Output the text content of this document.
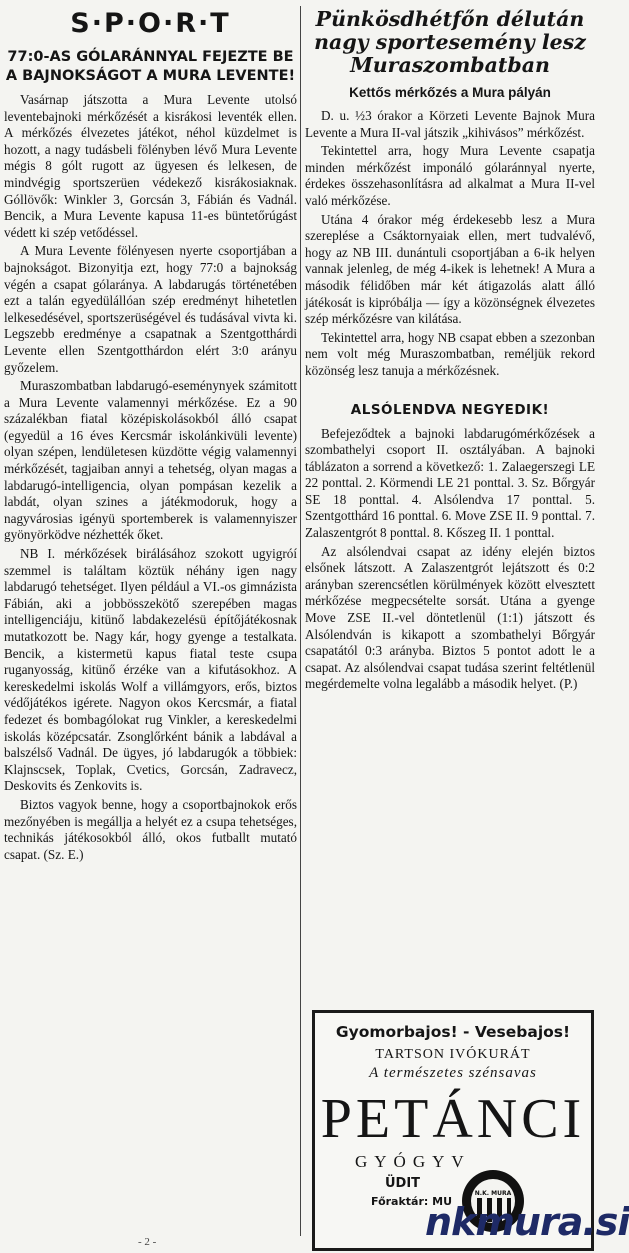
S·P·O·R·T
77:0-AS GÓLARÁNNYAL FEJEZTE BE A BAJNOKSÁGOT A MURA LEVENTE!

Vasárnap játszotta a Mura Levente utolsó leventebajnoki mérkőzését a kisrákosi leventék ellen. A mérkőzés élvezetes játékot, néhol küzdelmet is hozott, a nagy tudásbeli fölényben lévő Mura Levente mégis 8 gólt rugott az ügyesen és lelkesen, de mindvégig sportszerüen védekező kisrákosiaknak. Góllövők: Winkler 3, Gorcsán 3, Fábián és Vadnál. Bencik, a Mura Levente kapusa 11-es büntetőrúgást védett ki szép vetődéssel.

A Mura Levente fölényesen nyerte csoportjában a bajnokságot. Bizonyitja ezt, hogy 77:0 a bajnokság végén a csapat gólaránya. A labdarugás történetében ezt a talán egyedülállóan szép eredményt hihetetlen lelkesedésével, sportszerüségével és tudásával vivta ki. Legszebb eredménye a csapatnak a Szentgotthárdi Levente ellen Szentgotthárdon elért 3:0 arányu győzelem.

Muraszombatban labdarugó-eseménynyek számitott a Mura Levente valamennyi mérkőzése. Ez a 90 százalékban fiatal középiskolásokból álló csapat (egyedül a 16 éves Kercsmár iskolánkivüli levente) olyan szépen, lendületesen küzdötte végig valamennyi mérkőzését, tagjaiban annyi a tehetség, olyan magas a labdarugó-intelligencia, olyan pompásan kezelik a labdát, olyan szines a játékmodoruk, hogy a nagyvárosias igényü sportemberek is valamennyiszer gyönyörködve nézhették őket.

NB I. mérkőzések birálásához szokott ugyigróí szemmel is találtam köztük néhány igen nagy labdarugó tehetséget. Ilyen például a VI.-os gimnázista Fábián, aki a jobbösszekötő szerepében magas intelligenciáju, kitünő labdakezelésü építőjátékosnak mutatkozott be. Nagy kár, hogy gyenge a testalkata. Bencik, a kistermetü kapus fiatal teste csupa ruganyosság, kitünő érzéke van a kifutásokhoz. A kereskedelmi iskolás Wolf a villámgyors, erős, biztos védőjátékos igérete. Nagyon okos Kercsmár, a fiatal fedezet és bombagólokat rug Vinkler, a kereskedelmi iskolás középcsatár. Zsonglőrként bánik a labdával a balszélső Vadnál. De ügyes, jó labdarugók a többiek: Klajnscsek, Toplak, Cvetics, Gorcsán, Zadravecz, Deskovits és Zenkovits is.

Biztos vagyok benne, hogy a csoportbajnokok erős mezőnyében is megállja a helyét ez a csupa tehetséges, technikás játékosokból álló, okos futballt mutató csapat. (Sz. E.)

Pünkösdhétfőn délután nagy sportesemény lesz Muraszombatban
Kettős mérkőzés a Mura pályán

D. u. ½3 órakor a Körzeti Levente Bajnok Mura Levente a Mura II-val játszik „kihivásos” mérkőzést.

Tekintettel arra, hogy Mura Levente csapatja minden mérkőzést imponáló gólaránnyal nyerte, érdekes összehasonlításra ad alkalmat a Mura II-vel való mérkőzése.

Utána 4 órakor még érdekesebb lesz a Mura szereplése a Csáktornyaiak ellen, mert tudvalévő, hogy az NB III. dunántuli csoportjában a 6-ik helyen vannak jelenleg, de még 4-ikek is lehetnek! A Mura a második félidőben már két átigazolás alatt álló játékosát is kipróbálja — így a közönségnek élvezetes szép mérkőzésre van kilátása.

Tekintettel arra, hogy NB csapat ebben a szezonban nem volt még Muraszombatban, reméljük rekord közönség lesz tanuja a mérkőzésnek.

ALSÓLENDVA NEGYEDIK!

Befejeződtek a bajnoki labdarugómérkőzések a szombathelyi csoport II. osztályában. A bajnoki táblázaton a sorrend a következő: 1. Zalaegerszegi LE 22 ponttal. 2. Körmendi LE 21 ponttal. 3. Sz. Bőrgyár SE 18 ponttal. 4. Alsólendva 17 ponttal. 5. Szentgotthárd 16 ponttal. 6. Move ZSE II. 9 ponttal. 7. Zalaszentgrót 8 ponttal. 8. Kőszeg II. 1 ponttal.

Az alsólendvai csapat az idény elején biztos elsőnek látszott. A Zalaszentgrót lejátszott és 0:2 arányban szerencsétlen körülmények között elvesztett mérkőzése megpecsételte sorsát. Utána a gyenge Move ZSE II.-vel döntetlenül (1:1) játszott és Alsólendván is kikapott a szombathelyi Bőrgyár csapatától 0:3 arányba. Biztos 5 pontot adott le a csapat. Az alsólendvai csapat tudása szerint feltétlenül megérdemelte volna legalább a második helyet. (P.)

Gyomorbajos! - Vesebajos!
TARTSON IVÓKURÁT
A természetes szénsavas
PETÁNCI
GYÓGYV
ÜDIT
Főraktár: MU
1924
N.K. MURA
nkmura.si
- 2 -
